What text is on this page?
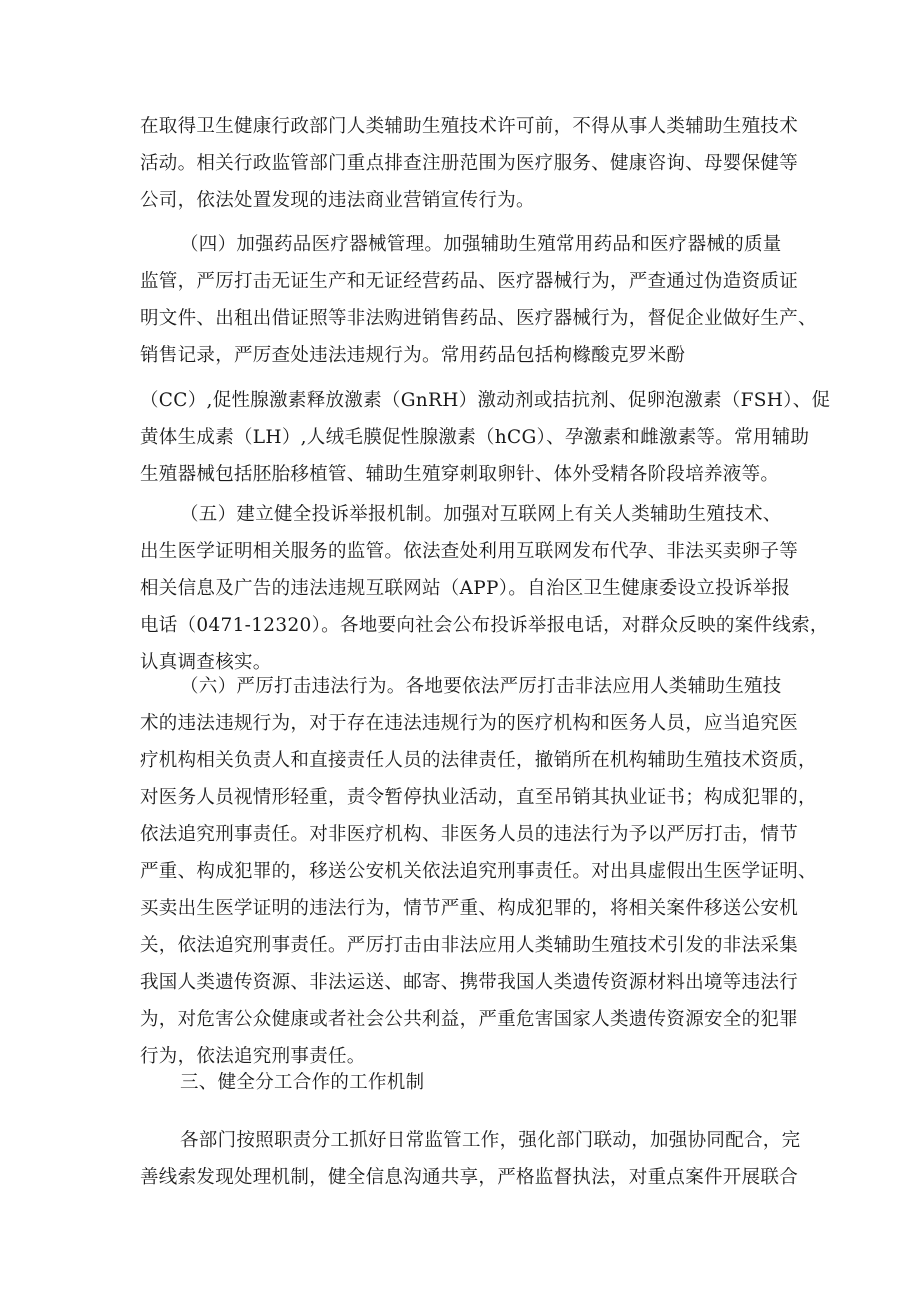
在取得卫生健康行政部门人类辅助生殖技术许可前，不得从事人类辅助生殖技术
活动。相关行政监管部门重点排查注册范围为医疗服务、健康咨询、母婴保健等
公司，依法处置发现的违法商业营销宣传行为。
（四）加强药品医疗器械管理。加强辅助生殖常用药品和医疗器械的质量
监管，严厉打击无证生产和无证经营药品、医疗器械行为，严查通过伪造资质证
明文件、出租出借证照等非法购进销售药品、医疗器械行为，督促企业做好生产、
销售记录，严厉查处违法违规行为。常用药品包括枸橼酸克罗米酚
（CC）,促性腺激素释放激素（GnRH）激动剂或拮抗剂、促卵泡激素（FSH）、促
黄体生成素（LH）,人绒毛膜促性腺激素（hCG）、孕激素和雌激素等。常用辅助
生殖器械包括胚胎移植管、辅助生殖穿刺取卵针、体外受精各阶段培养液等。
（五）建立健全投诉举报机制。加强对互联网上有关人类辅助生殖技术、
出生医学证明相关服务的监管。依法查处利用互联网发布代孕、非法买卖卵子等
相关信息及广告的违法违规互联网站（APP）。自治区卫生健康委设立投诉举报
电话（0471-12320）。各地要向社会公布投诉举报电话，对群众反映的案件线索，
认真调查核实。
（六）严厉打击违法行为。各地要依法严厉打击非法应用人类辅助生殖技
术的违法违规行为，对于存在违法违规行为的医疗机构和医务人员，应当追究医
疗机构相关负责人和直接责任人员的法律责任，撤销所在机构辅助生殖技术资质，
对医务人员视情形轻重，责令暂停执业活动，直至吊销其执业证书；构成犯罪的，
依法追究刑事责任。对非医疗机构、非医务人员的违法行为予以严厉打击，情节
严重、构成犯罪的，移送公安机关依法追究刑事责任。对出具虚假出生医学证明、
买卖出生医学证明的违法行为，情节严重、构成犯罪的，将相关案件移送公安机
关，依法追究刑事责任。严厉打击由非法应用人类辅助生殖技术引发的非法采集
我国人类遗传资源、非法运送、邮寄、携带我国人类遗传资源材料出境等违法行
为，对危害公众健康或者社会公共利益，严重危害国家人类遗传资源安全的犯罪
行为，依法追究刑事责任。
三、健全分工合作的工作机制
各部门按照职责分工抓好日常监管工作，强化部门联动，加强协同配合，完
善线索发现处理机制，健全信息沟通共享，严格监督执法，对重点案件开展联合
